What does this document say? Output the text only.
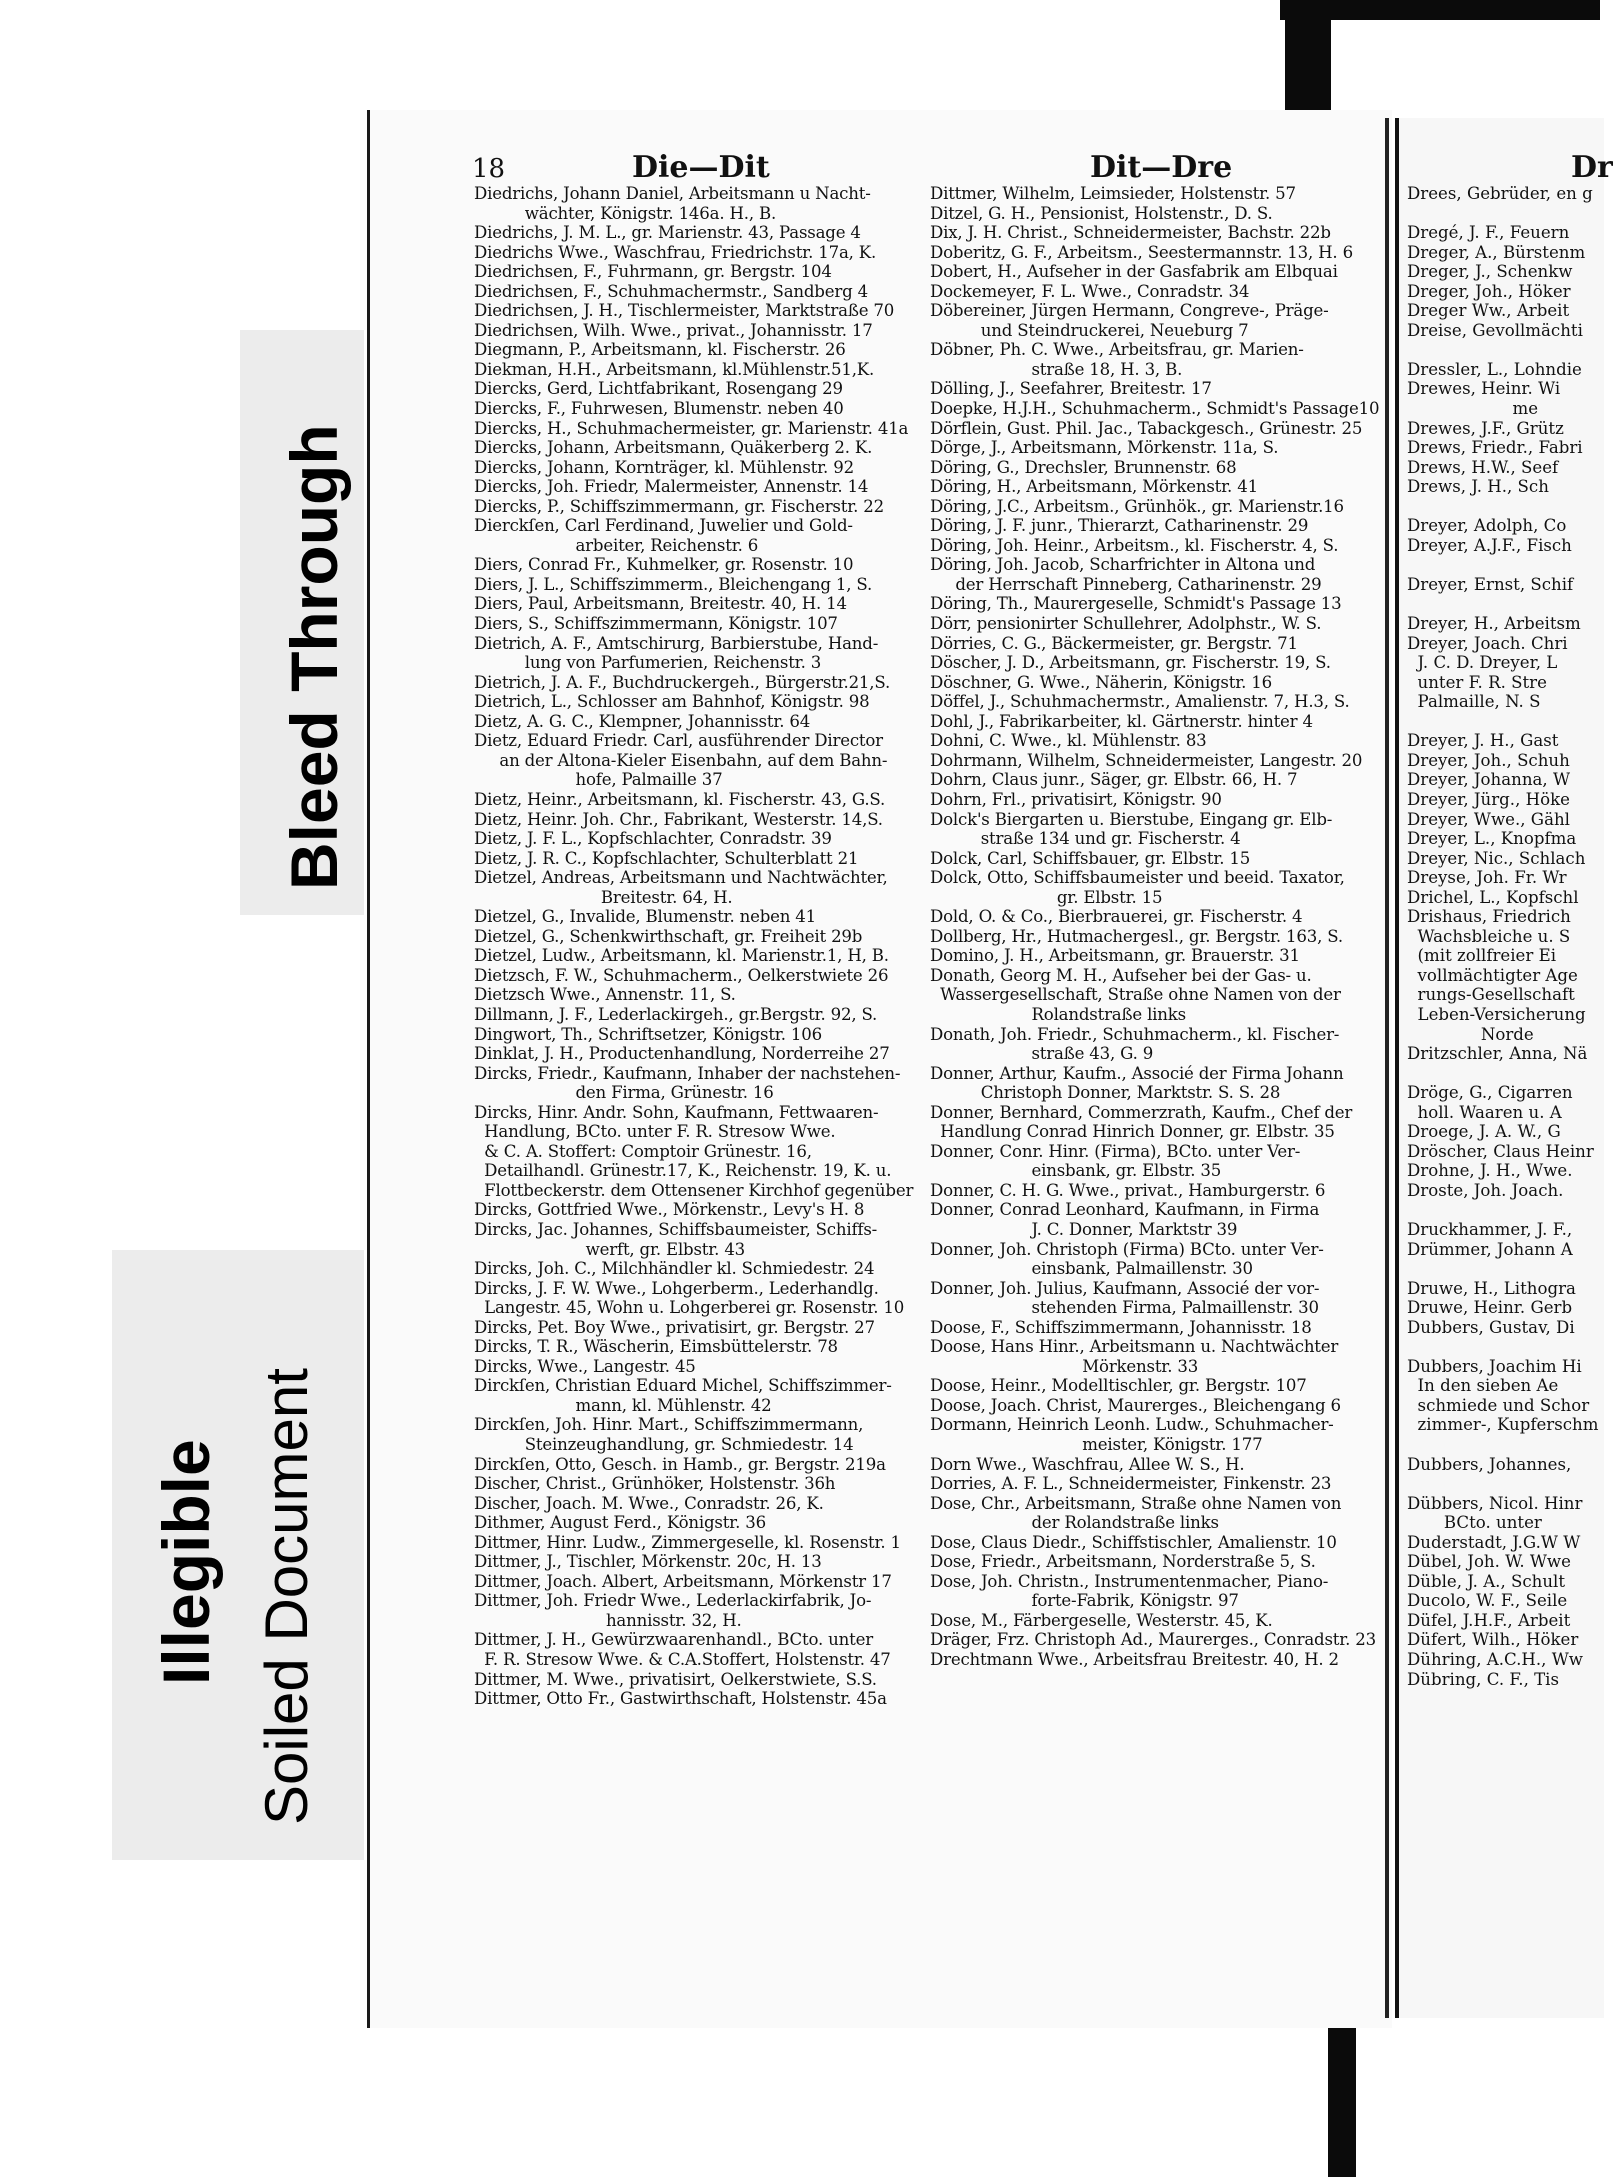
Bleed Through
Illegible Soiled Document
18	Die—Dit	Dit—Dre
Diedrichs, Johann Daniel, Arbeitsmann u Nacht-
wächter, Königstr. 146a. H., B.
Diedrichs, J. M. L., gr. Marienstr. 43, Passage 4
Diedrichs Wwe., Waschfrau, Friedrichstr. 17a, K.
Diedrichsen, F., Fuhrmann, gr. Bergstr. 104
Diedrichsen, F., Schuhmachermstr., Sandberg 4
Diedrichsen, J. H., Tischlermeister, Marktstraße 70
Diedrichsen, Wilh. Wwe., privat., Johannisstr. 17
Diegmann, P., Arbeitsmann, kl. Fischerstr. 26
Diekman, H.H., Arbeitsmann, kl.Mühlenstr.51,K.
Diercks, Gerd, Lichtfabrikant, Rosengang 29
Diercks, F., Fuhrwesen, Blumenstr. neben 40
Diercks, H., Schuhmachermeister, gr. Marienstr. 41a
Diercks, Johann, Arbeitsmann, Quäkerberg 2. K.
Diercks, Johann, Kornträger, kl. Mühlenstr. 92
Diercks, Joh. Friedr, Malermeister, Annenstr. 14
Diercks, P., Schiffszimmermann, gr. Fischerstr. 22
Dierckſen, Carl Ferdinand, Juwelier und Gold-
arbeiter, Reichenstr. 6
Diers, Conrad Fr., Kuhmelker, gr. Rosenstr. 10
Diers, J. L., Schiffszimmerm., Bleichengang 1, S.
Diers, Paul, Arbeitsmann, Breitestr. 40, H. 14
Diers, S., Schiffszimmermann, Königstr. 107
Dietrich, A. F., Amtschirurg, Barbierstube, Hand-
lung von Parfumerien, Reichenstr. 3
Dietrich, J. A. F., Buchdruckergeh., Bürgerstr.21,S.
Dietrich, L., Schlosser am Bahnhof, Königstr. 98
Dietz, A. G. C., Klempner, Johannisstr. 64
Dietz, Eduard Friedr. Carl, ausführender Director
an der Altona-Kieler Eisenbahn, auf dem Bahn-
hofe, Palmaille 37
Dietz, Heinr., Arbeitsmann, kl. Fischerstr. 43, G.S.
Dietz, Heinr. Joh. Chr., Fabrikant, Westerstr. 14,S.
Dietz, J. F. L., Kopfschlachter, Conradstr. 39
Dietz, J. R. C., Kopfschlachter, Schulterblatt 21
Dietzel, Andreas, Arbeitsmann und Nachtwächter,
Breitestr. 64, H.
Dietzel, G., Invalide, Blumenstr. neben 41
Dietzel, G., Schenkwirthschaft, gr. Freiheit 29b
Dietzel, Ludw., Arbeitsmann, kl. Marienstr.1, H, B.
Dietzsch, F. W., Schuhmacherm., Oelkerstwiete 26
Dietzsch Wwe., Annenstr. 11, S.
Dillmann, J. F., Lederlackirgeh., gr.Bergstr. 92, S.
Dingwort, Th., Schriftsetzer, Königstr. 106
Dinklat, J. H., Productenhandlung, Norderreihe 27
Dircks, Friedr., Kaufmann, Inhaber der nachstehen-
den Firma, Grünestr. 16
Dircks, Hinr. Andr. Sohn, Kaufmann, Fettwaaren-
Handlung, BCto. unter F. R. Stresow Wwe.
& C. A. Stoffert: Comptoir Grünestr. 16,
Detailhandl. Grünestr.17, K., Reichenstr. 19, K. u.
Flottbeckerstr. dem Ottensener Kirchhof gegenüber
Dircks, Gottfried Wwe., Mörkenstr., Levy's H. 8
Dircks, Jac. Johannes, Schiffsbaumeister, Schiffs-
werft, gr. Elbstr. 43
Dircks, Joh. C., Milchhändler kl. Schmiedestr. 24
Dircks, J. F. W. Wwe., Lohgerberm., Lederhandlg.
Langestr. 45, Wohn u. Lohgerberei gr. Rosenstr. 10
Dircks, Pet. Boy Wwe., privatisirt, gr. Bergstr. 27
Dircks, T. R., Wäscherin, Eimsbüttelerstr. 78
Dircks, Wwe., Langestr. 45
Dirckſen, Christian Eduard Michel, Schiffszimmer-
mann, kl. Mühlenstr. 42
Dirckſen, Joh. Hinr. Mart., Schiffszimmermann,
Steinzeughandlung, gr. Schmiedestr. 14
Dirckſen, Otto, Gesch. in Hamb., gr. Bergstr. 219a
Discher, Christ., Grünhöker, Holstenstr. 36h
Discher, Joach. M. Wwe., Conradstr. 26, K.
Dithmer, August Ferd., Königstr. 36
Dittmer, Hinr. Ludw., Zimmergeselle, kl. Rosenstr. 1
Dittmer, J., Tischler, Mörkenstr. 20c, H. 13
Dittmer, Joach. Albert, Arbeitsmann, Mörkenstr 17
Dittmer, Joh. Friedr Wwe., Lederlackirfabrik, Jo-
hannisstr. 32, H.
Dittmer, J. H., Gewürzwaarenhandl., BCto. unter
F. R. Stresow Wwe. & C.A.Stoffert, Holstenstr. 47
Dittmer, M. Wwe., privatisirt, Oelkerstwiete, S.S.
Dittmer, Otto Fr., Gastwirthschaft, Holstenstr. 45a
Dittmer, Wilhelm, Leimsieder, Holstenstr. 57
Ditzel, G. H., Pensionist, Holstenstr., D. S.
Dix, J. H. Christ., Schneidermeister, Bachstr. 22b
Doberitz, G. F., Arbeitsm., Seestermannstr. 13, H. 6
Dobert, H., Aufseher in der Gasfabrik am Elbquai
Dockemeyer, F. L. Wwe., Conradstr. 34
Döbereiner, Jürgen Hermann, Congreve-, Präge-
und Steindruckerei, Neueburg 7
Döbner, Ph. C. Wwe., Arbeitsfrau, gr. Marien-
straße 18, H. 3, B.
Dölling, J., Seefahrer, Breitestr. 17
Doepke, H.J.H., Schuhmacherm., Schmidt's Passage10
Dörflein, Gust. Phil. Jac., Tabackgesch., Grünestr. 25
Dörge, J., Arbeitsmann, Mörkenstr. 11a, S.
Döring, G., Drechsler, Brunnenstr. 68
Döring, H., Arbeitsmann, Mörkenstr. 41
Döring, J.C., Arbeitsm., Grünhök., gr. Marienstr.16
Döring, J. F. junr., Thierarzt, Catharinenstr. 29
Döring, Joh. Heinr., Arbeitsm., kl. Fischerstr. 4, S.
Döring, Joh. Jacob, Scharfrichter in Altona und
der Herrschaft Pinneberg, Catharinenstr. 29
Döring, Th., Maurergeselle, Schmidt's Passage 13
Dörr, pensionirter Schullehrer, Adolphstr., W. S.
Dörries, C. G., Bäckermeister, gr. Bergstr. 71
Döscher, J. D., Arbeitsmann, gr. Fischerstr. 19, S.
Döschner, G. Wwe., Näherin, Königstr. 16
Döffel, J., Schuhmachermstr., Amalienstr. 7, H.3, S.
Dohl, J., Fabrikarbeiter, kl. Gärtnerstr. hinter 4
Dohni, C. Wwe., kl. Mühlenstr. 83
Dohrmann, Wilhelm, Schneidermeister, Langestr. 20
Dohrn, Claus junr., Säger, gr. Elbstr. 66, H. 7
Dohrn, Frl., privatisirt, Königstr. 90
Dolck's Biergarten u. Bierstube, Eingang gr. Elb-
straße 134 und gr. Fischerstr. 4
Dolck, Carl, Schiffsbauer, gr. Elbstr. 15
Dolck, Otto, Schiffsbaumeister und beeid. Taxator,
gr. Elbstr. 15
Dold, O. & Co., Bierbrauerei, gr. Fischerstr. 4
Dollberg, Hr., Hutmachergesl., gr. Bergstr. 163, S.
Domino, J. H., Arbeitsmann, gr. Brauerstr. 31
Donath, Georg M. H., Aufseher bei der Gas- u.
Wassergesellschaft, Straße ohne Namen von der
Rolandstraße links
Donath, Joh. Friedr., Schuhmacherm., kl. Fischer-
straße 43, G. 9
Donner, Arthur, Kaufm., Associé der Firma Johann
Christoph Donner, Marktstr. S. S. 28
Donner, Bernhard, Commerzrath, Kaufm., Chef der
Handlung Conrad Hinrich Donner, gr. Elbstr. 35
Donner, Conr. Hinr. (Firma), BCto. unter Ver-
einsbank, gr. Elbstr. 35
Donner, C. H. G. Wwe., privat., Hamburgerstr. 6
Donner, Conrad Leonhard, Kaufmann, in Firma
J. C. Donner, Marktstr 39
Donner, Joh. Christoph (Firma) BCto. unter Ver-
einsbank, Palmaillenstr. 30
Donner, Joh. Julius, Kaufmann, Associé der vor-
stehenden Firma, Palmaillenstr. 30
Doose, F., Schiffszimmermann, Johannisstr. 18
Doose, Hans Hinr., Arbeitsmann u. Nachtwächter
Mörkenstr. 33
Doose, Heinr., Modelltischler, gr. Bergstr. 107
Doose, Joach. Christ, Maurerges., Bleichengang 6
Dormann, Heinrich Leonh. Ludw., Schuhmacher-
meister, Königstr. 177
Dorn Wwe., Waschfrau, Allee W. S., H.
Dorries, A. F. L., Schneidermeister, Finkenstr. 23
Dose, Chr., Arbeitsmann, Straße ohne Namen von
der Rolandstraße links
Dose, Claus Diedr., Schiffstischler, Amalienstr. 10
Dose, Friedr., Arbeitsmann, Norderstraße 5, S.
Dose, Joh. Christn., Instrumentenmacher, Piano-
forte-Fabrik, Königstr. 97
Dose, M., Färbergeselle, Westerstr. 45, K.
Dräger, Frz. Christoph Ad., Maurerges., Conradstr. 23
Drechtmann Wwe., Arbeitsfrau Breitestr. 40, H. 2
Dr
Drees, Gebrüder, en g
Dregé, J. F., Feuern
Dreger, A., Bürstenm
Dreger, J., Schenkw
Dreger, Joh., Höker
Dreger Ww., Arbeit
Dreise, Gevollmächti
Dressler, L., Lohndie
Drewes, Heinr. Wi
me
Drewes, J.F., Grütz
Drews, Friedr., Fabri
Drews, H.W., Seef
Drews, J. H., Sch
Dreyer, Adolph, Co
Dreyer, A.J.F., Fisch
Dreyer, Ernst, Schif
Dreyer, H., Arbeitsm
Dreyer, Joach. Chri
J. C. D. Dreyer, L
unter F. R. Stre
Palmaille, N. S
Dreyer, J. H., Gast
Dreyer, Joh., Schuh
Dreyer, Johanna, W
Dreyer, Jürg., Höke
Dreyer, Wwe., Gähl
Dreyer, L., Knopfma
Dreyer, Nic., Schlach
Dreyse, Joh. Fr. Wr
Drichel, L., Kopfschl
Drishaus, Friedrich
Wachsbleiche u. S
(mit zollfreier Ei
vollmächtigter Age
rungs-Gesellschaft
Leben-Versicherung
Norde
Dritzschler, Anna, Nä
Dröge, G., Cigarren
holl. Waaren u. A
Droege, J. A. W., G
Dröscher, Claus Heinr
Drohne, J. H., Wwe.
Droste, Joh. Joach.
Druckhammer, J. F.,
Drümmer, Johann A
Druwe, H., Lithogra
Druwe, Heinr. Gerb
Dubbers, Gustav, Di
Dubbers, Joachim Hi
In den sieben Ae
schmiede und Schor
zimmer-, Kupferschm
Dubbers, Johannes,
Dübbers, Nicol. Hinr
BCto. unter
Duderstadt, J.G.W W
Dübel, Joh. W. Wwe
Düble, J. A., Schult
Ducolo, W. F., Seile
Düfel, J.H.F., Arbeit
Düfert, Wilh., Höker
Dühring, A.C.H., Ww
Dübring, C. F., Tis
